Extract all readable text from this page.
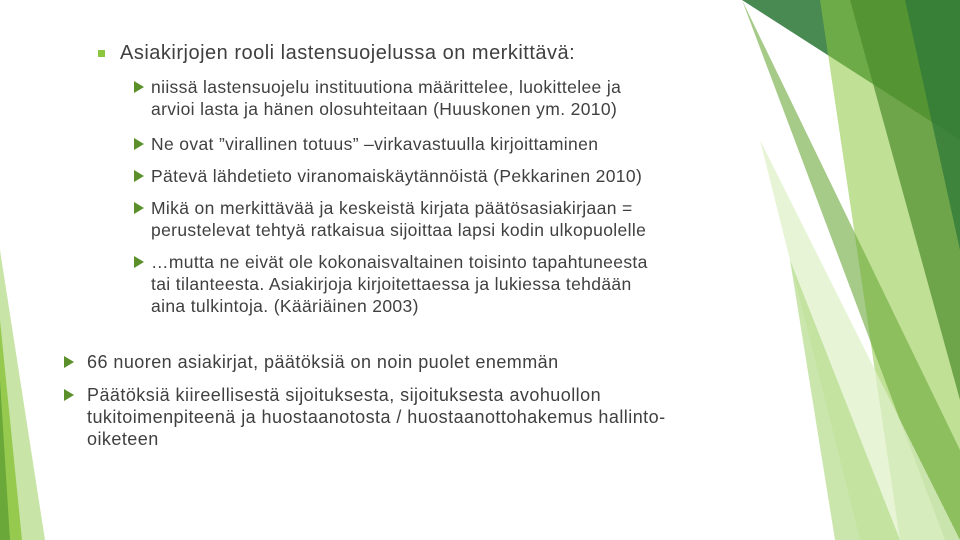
Asiakirjojen rooli lastensuojelussa on merkittävä:
niissä lastensuojelu instituutiona määrittelee, luokittelee ja
arvioi lasta ja hänen olosuhteitaan (Huuskonen ym. 2010)
Ne ovat ”virallinen totuus” –virkavastuulla kirjoittaminen
Pätevä lähdetieto viranomaiskäytännöistä (Pekkarinen 2010)
Mikä on merkittävää ja keskeistä kirjata päätösasiakirjaan =
perustelevat tehtyä ratkaisua sijoittaa lapsi kodin ulkopuolelle
…mutta ne eivät ole kokonaisvaltainen toisinto tapahtuneesta
tai tilanteesta. Asiakirjoja kirjoitettaessa ja lukiessa tehdään
aina tulkintoja. (Kääriäinen 2003)
66 nuoren asiakirjat, päätöksiä on noin puolet enemmän
Päätöksiä kiireellisestä sijoituksesta, sijoituksesta avohuollon
tukitoimenpiteenä ja huostaanotosta / huostaanottohakemus hallinto-
oiketeen
